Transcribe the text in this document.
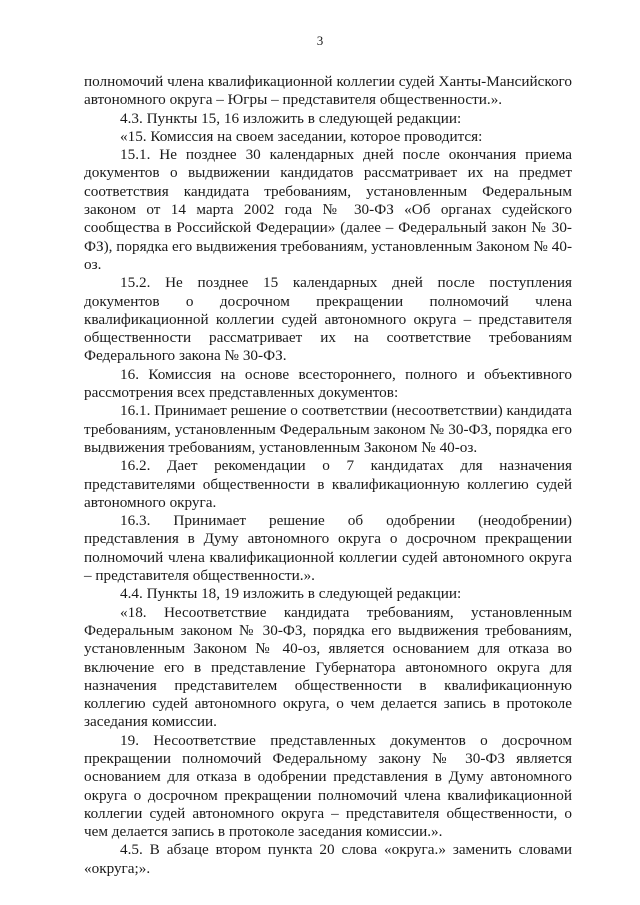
3

полномочий члена квалификационной коллегии судей Ханты-Мансийского автономного округа – Югры – представителя общественности.».

4.3. Пункты 15, 16 изложить в следующей редакции:

«15. Комиссия на своем заседании, которое проводится:

15.1. Не позднее 30 календарных дней после окончания приема документов о выдвижении кандидатов рассматривает их на предмет соответствия кандидата требованиям, установленным Федеральным законом от 14 марта 2002 года № 30-ФЗ «Об органах судейского сообщества в Российской Федерации» (далее – Федеральный закон № 30-ФЗ), порядка его выдвижения требованиям, установленным Законом № 40-оз.

15.2. Не позднее 15 календарных дней после поступления документов о досрочном прекращении полномочий члена квалификационной коллегии судей автономного округа – представителя общественности рассматривает их на соответствие требованиям Федерального закона № 30-ФЗ.

16. Комиссия на основе всестороннего, полного и объективного рассмотрения всех представленных документов:

16.1. Принимает решение о соответствии (несоответствии) кандидата требованиям, установленным Федеральным законом № 30-ФЗ, порядка его выдвижения требованиям, установленным Законом № 40-оз.

16.2. Дает рекомендации о 7 кандидатах для назначения представителями общественности в квалификационную коллегию судей автономного округа.

16.3. Принимает решение об одобрении (неодобрении) представления в Думу автономного округа о досрочном прекращении полномочий члена квалификационной коллегии судей автономного округа – представителя общественности.».

4.4. Пункты 18, 19 изложить в следующей редакции:

«18. Несоответствие кандидата требованиям, установленным Федеральным законом № 30-ФЗ, порядка его выдвижения требованиям, установленным Законом № 40-оз, является основанием для отказа во включение его в представление Губернатора автономного округа для назначения представителем общественности в квалификационную коллегию судей автономного округа, о чем делается запись в протоколе заседания комиссии.

19. Несоответствие представленных документов о досрочном прекращении полномочий Федеральному закону № 30-ФЗ является основанием для отказа в одобрении представления в Думу автономного округа о досрочном прекращении полномочий члена квалификационной коллегии судей автономного округа – представителя общественности, о чем делается запись в протоколе заседания комиссии.».

4.5. В абзаце втором пункта 20 слова «округа.» заменить словами «округа;».
